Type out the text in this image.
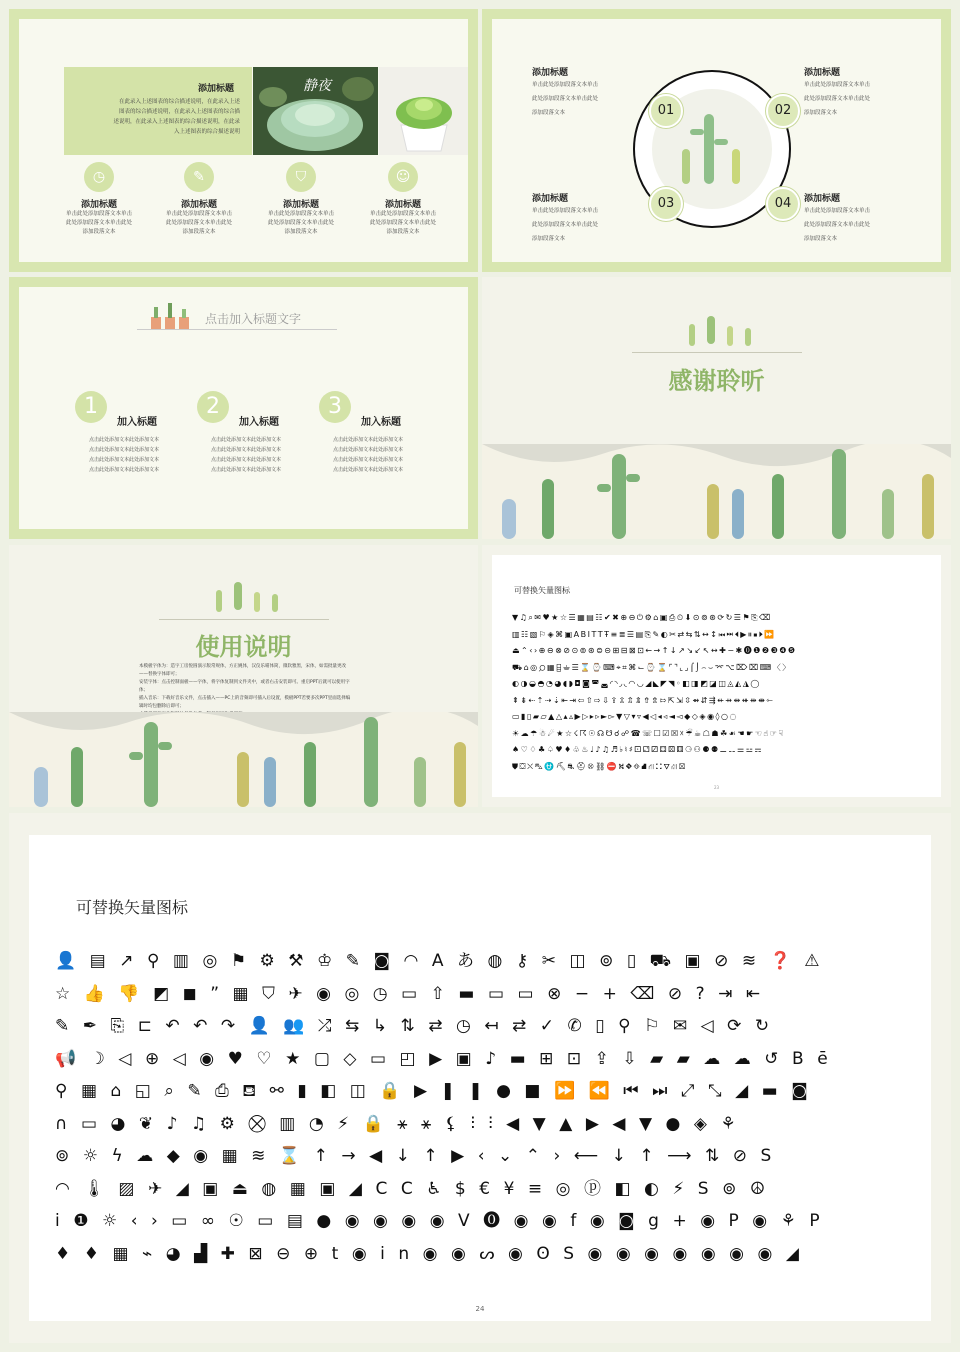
添加标题
在此录入上述图表的综合描述说明，在此录入上述
图表的综合描述说明，在此录入上述图表的综合描
述说明，在此录入上述图表的综合描述说明，在此录
入上述图表的综合描述说明
静夜
◷
添加标题
单击此处添加段落文本单击
此处添加段落文本单击此处
添加段落文本
✎
添加标题
单击此处添加段落文本单击
此处添加段落文本单击此处
添加段落文本
⛉
添加标题
单击此处添加段落文本单击
此处添加段落文本单击此处
添加段落文本
☺
添加标题
单击此处添加段落文本单击
此处添加段落文本单击此处
添加段落文本
01	02
03	04
添加标题
单击此处添加段落文本单击
此处添加段落文本单击此处
添加段落文本
添加标题
单击此处添加段落文本单击
此处添加段落文本单击此处
添加段落文本
添加标题
单击此处添加段落文本单击
此处添加段落文本单击此处
添加段落文本
添加标题
单击此处添加段落文本单击
此处添加段落文本单击此处
添加段落文本
点击加入标题文字
1
加入标题
点击此处添加文本此处添加文本
点击此处添加文本此处添加文本
点击此处添加文本此处添加文本
点击此处添加文本此处添加文本
2
加入标题
点击此处添加文本此处添加文本
点击此处添加文本此处添加文本
点击此处添加文本此处添加文本
点击此处添加文本此处添加文本
3
加入标题
点击此处添加文本此处添加文本
点击此处添加文本此处添加文本
点击此处添加文本此处添加文本
点击此处添加文本此处添加文本
感谢聆听
使用说明
本模板字体为：造字工房悦圆演示版常规体，方正姚体，汉仪乐喵体简，微软雅黑，宋体，如需批量更改——替换字体即可；
安装字体：点击控制面板——字体，将字体复制到文件夹中，或者右击安装即可。重启PPT后就可以使用字体；
插入音乐：下载好音乐文件，点击插入——PC上的音频即可插入后设置，模板PPT若要多次PPT里面选择编辑时均包删除后即可；
可替换矢量图标
▼♫⌕✉♥★☆☰▦▤☷✔✖⊕⊖⏻⚙⌂▣⎙⏲⬇⊙⊚⊛⟳↻☰⚑⎘⌫
▥☷▧⚐◈⌘▣ABITTŦ≡≣☰▤⎘✎◐✂⇄⇆⇅↔↕⏮⏭⏴▶⏸⏹⏵⏩
⏏⌃‹›⊕⊖⊗⊘⊙⊚⊛⊜⊝⊞⊟⊠⊡←→↑↓↗↘↙↖↔✚−✱⓿❶❷❸❹❺
⛟⌂◎⌕▦⌸⏚☰⌛⌚⌨⌖⌗⌘⌙⌚⌛⌜⌝⌞⌟⌠⌡⌢⌣⌤⌥⌦⌧⌨〈〉
◐◑◒◓◔◕◖◗◘◙◚◛◜◝◞◟◠◡◢◣◤◥◦◧◨◩◪◫◬◭◮◯
⇞⇟⇠⇡⇢⇣⇤⇥⇦⇧⇨⇩⇪⇫⇬⇭⇮⇯⇰⇱⇲⇳⇴⇵⇶⇷⇸⇹⇺⇻⇼⇽
▭▮▯▰▱▲△▴▵▶▷▸▹►▻▼▽▾▿◀◁◂◃◄◅◆◇◈◉◊○◌
☀☁☂☃☄★☆☇☈☉☊☋☌☍☎☏☐☑☒☓☔☕☖☗☘☙☚☛☜☝☞☟
♠♡♢♣♤♥♦♧♨♩♪♫♬♭♮♯⚀⚁⚂⚃⚄⚅⚆⚇⚈⚉⚊⚋⚌⚍⚎
⛊⛋⛌⛍⛎⛏⛐⛑⛒⛓⛔⛕⛖⛗⛘⛙⛚⛛⛜⛝
23
可替换矢量图标
👤▤↗⚲▥◎⚑⚙⚒♔✎◙◠Aあ◍⚷✂◫⊚▯⛟▣⊘≋❓⚠
☆👍👎◩◼”▦⛉✈◉◎◷▭⇧▬▭▭⊗−+⌫⊘?⇥⇤
✎✒⎘⊏↶↶↷👤👥⤮⇆↳⇅⇄◷↤⇄✓✆▯⚲⚐✉◁⟳↻
📢☽◁⊕◁◉♥♡★▢◇▭◰▶▣♪▬⊞⊡⇪⇩▰▰☁☁↺Bē
⚲▦⌂◱⌕✎⎙⛾⚯▮◧◫🔒▶❚❚●■⏩⏪⏮⏭⤢⤡◢▬◙
∩▭◕❦♪♫⚙⛒▥◔⚡🔒⚹⚹⚸⫶⫶◀▼▲▶◀▼●◈⚘
⊚☼ϟ☁◆◉▦≋⌛↑→◀↓↑▶‹⌄⌃›⟵↓↑⟶⇅⊘S
◠🌡▨✈◢▣⏏◍▦▣◢CC♿$€¥≡◎ⓟ◧◐⚡S⊚☮
i❶☼‹›▭∞☉▭▤●◉◉◉◉V⓿◉◉f◉◙g+◉P◉⚘P
♦♦▦⌁◕▟✚⊠⊖⊕t◉in◉◉ᔕ◉ʘS◉◉◉◉◉◉◉◢
24
